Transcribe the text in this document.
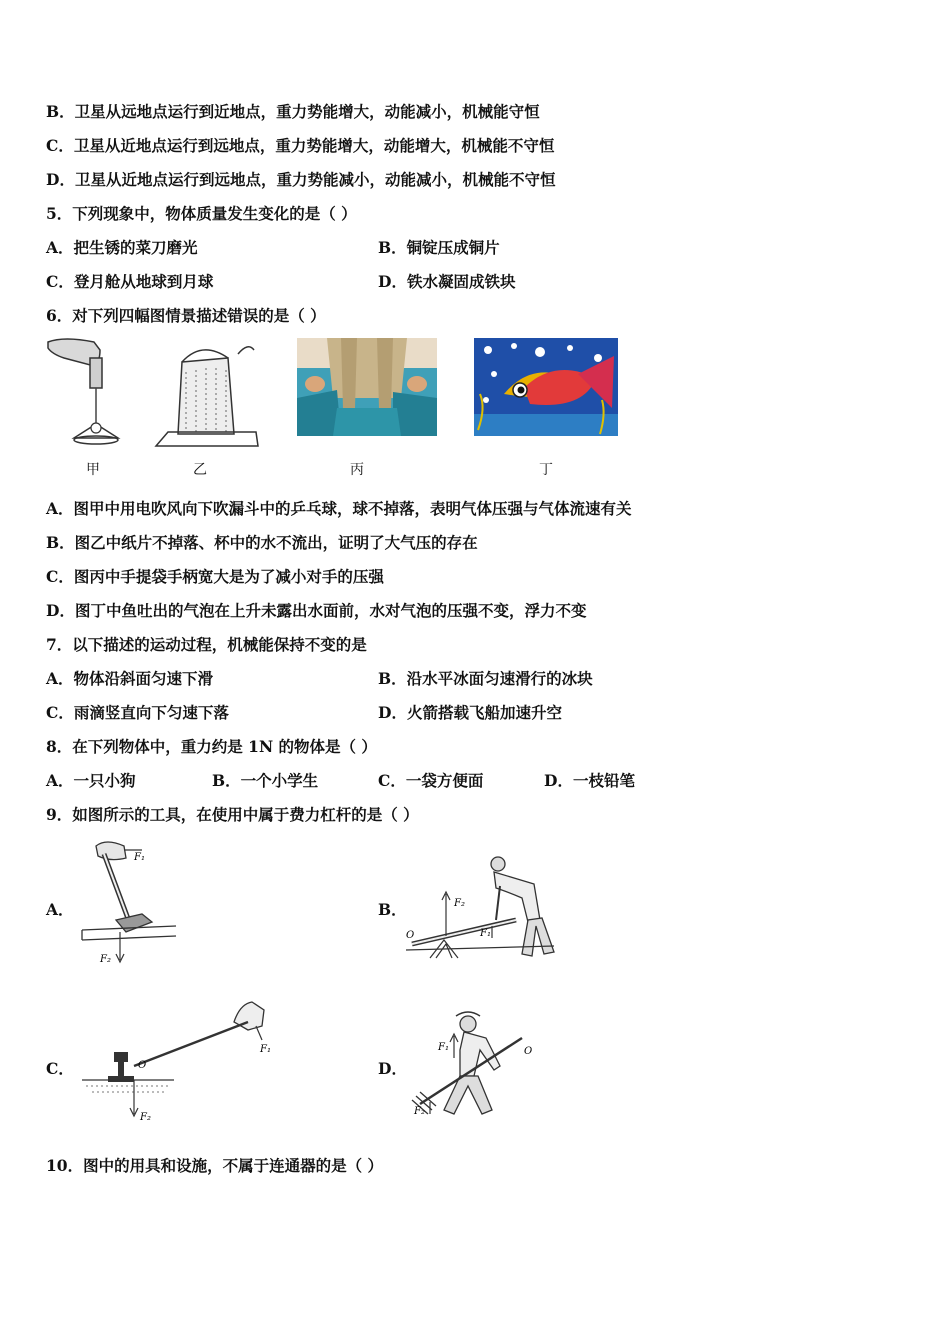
B．卫星从远地点运行到近地点，重力势能增大，动能减小，机械能守恒
C．卫星从近地点运行到远地点，重力势能增大，动能增大，机械能不守恒
D．卫星从近地点运行到远地点，重力势能减小，动能减小，机械能不守恒
5．下列现象中，物体质量发生变化的是（ ）
A．把生锈的菜刀磨光	B．铜锭压成铜片
C．登月舱从地球到月球	D．铁水凝固成铁块
6．对下列四幅图情景描述错误的是（ ）
甲	乙	丙	丁
A．图甲中用电吹风向下吹漏斗中的乒乓球，球不掉落，表明气体压强与气体流速有关
B．图乙中纸片不掉落、杯中的水不流出，证明了大气压的存在
C．图丙中手提袋手柄宽大是为了减小对手的压强
D．图丁中鱼吐出的气泡在上升未露出水面前，水对气泡的压强不变，浮力不变
7．以下描述的运动过程，机械能保持不变的是
A．物体沿斜面匀速下滑	B．沿水平冰面匀速滑行的冰块
C．雨滴竖直向下匀速下落	D．火箭搭载飞船加速升空
8．在下列物体中，重力约是 1N 的物体是（ ）
A．一只小狗	B．一个小学生	C．一袋方便面	D．一枝铅笔
9．如图所示的工具，在使用中属于费力杠杆的是（ ）
A．
F₁
F₂
B．	F₂
F₁
O
C．	O
F₁
F₂
D．
F₁
F₂
O
10．图中的用具和设施，不属于连通器的是（ ）
